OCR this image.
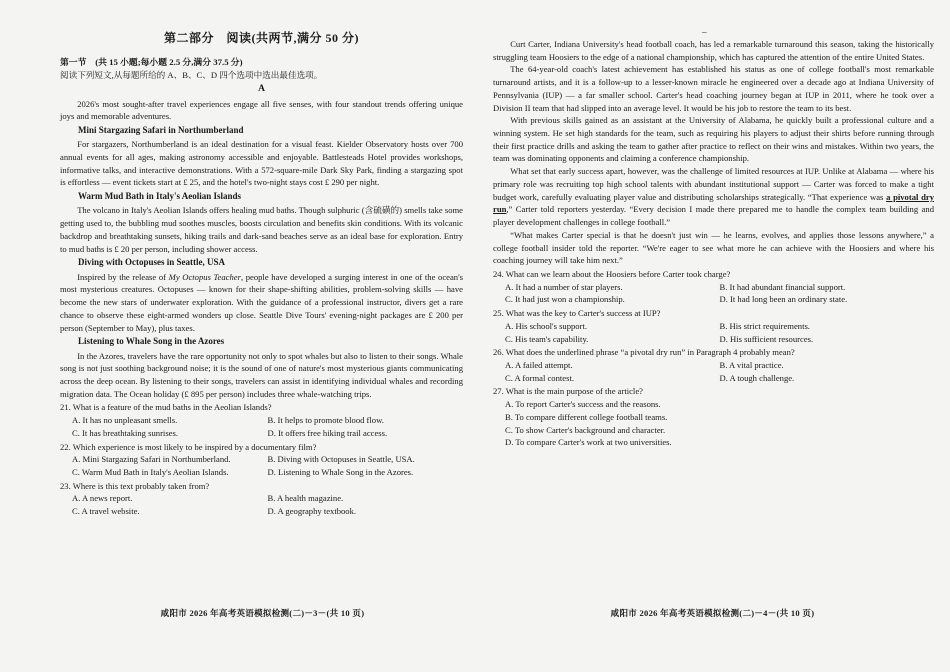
第二部分　阅读(共两节,满分 50 分)

第一节　(共 15 小题;每小题 2.5 分,满分 37.5 分)

阅读下列短文,从每题所给的 A、B、C、D 四个选项中选出最佳选项。

A

2026's most sought-after travel experiences engage all five senses, with four standout trends offering unique joys and memorable adventures.

Mini Stargazing Safari in Northumberland

For stargazers, Northumberland is an ideal destination for a visual feast. Kielder Observatory hosts over 700 annual events for all ages, making astronomy accessible and enjoyable. Battlesteads Hotel provides workshops, informative talks, and interactive demonstrations. With a 572-square-mile Dark Sky Park, finding a stargazing spot is effortless — event tickets start at £ 25, and the hotel's two-night stays cost £ 290 per night.

Warm Mud Bath in Italy's Aeolian Islands

The volcano in Italy's Aeolian Islands offers healing mud baths. Though sulphuric (含硫磺的) smells take some getting used to, the bubbling mud soothes muscles, boosts circulation and benefits skin conditions. With its volcanic backdrop and breathtaking sunsets, hiking trails and dark-sand beaches serve as an ideal base for exploration. Entry to mud baths is £ 20 per person, including shower access.

Diving with Octopuses in Seattle, USA

Inspired by the release of My Octopus Teacher, people have developed a surging interest in one of the ocean's most mysterious creatures. Octopuses — known for their shape-shifting abilities, problem-solving skills — have become the new stars of underwater exploration. With the guidance of a professional instructor, divers get a rare chance to observe these eight-armed wonders up close. Seattle Dive Tours' evening-night packages are £ 200 per person (September to May), plus taxes.

Listening to Whale Song in the Azores

In the Azores, travelers have the rare opportunity not only to spot whales but also to listen to their songs. Whale song is not just soothing background noise; it is the sound of one of nature's most mysterious giants communicating across the deep ocean. By listening to their songs, travelers can assist in identifying individual whales and recording migration data. The Ocean holiday (£ 895 per person) includes three whale-watching trips.

21. What is a feature of the mud baths in the Aeolian Islands?

A. It has no unpleasant smells.	B. It helps to promote blood flow.
C. It has breathtaking sunrises.	D. It offers free hiking trail access.

22. Which experience is most likely to be inspired by a documentary film?

A. Mini Stargazing Safari in Northumberland.	B. Diving with Octopuses in Seattle, USA.
C. Warm Mud Bath in Italy's Aeolian Islands.	D. Listening to Whale Song in the Azores.

23. Where is this text probably taken from?

A. A news report.	B. A health magazine.
C. A travel website.	D. A geography textbook.
咸阳市 2026 年高考英语模拟检测(二)－3－(共 10 页)
–

Curt Carter, Indiana University's head football coach, has led a remarkable turnaround this season, taking the historically struggling team Hoosiers to the edge of a national championship, which has captured the attention of the entire United States.

The 64-year-old coach's latest achievement has established his status as one of college football's most remarkable turnaround artists, and it is a follow-up to a lesser-known miracle he engineered over a decade ago at Indiana University of Pennsylvania (IUP) — a far smaller school. Carter's head coaching journey began at IUP in 2011, where he took over a Division II team that had slipped into an average level. It would be his job to restore the team to its best.

With previous skills gained as an assistant at the University of Alabama, he quickly built a professional culture and a winning system. He set high standards for the team, such as requiring his players to adjust their shirts before running through their first practice drills and asking the team to gather after practice to reflect on their wins and mistakes. Within two years, the team was dominating opponents and claiming a conference championship.

What set that early success apart, however, was the challenge of limited resources at IUP. Unlike at Alabama — where his primary role was recruiting top high school talents with abundant institutional support — Carter was forced to make a tight budget work, carefully evaluating player value and distributing scholarships strategically. “That experience was a pivotal dry run,” Carter told reporters yesterday. “Every decision I made there prepared me to handle the complex team building and player development challenges in college football.”

“What makes Carter special is that he doesn't just win — he learns, evolves, and applies those lessons anywhere,” a college football insider told the reporter. “We're eager to see what more he can achieve with the Hoosiers and where his coaching journey will take him next.”

24. What can we learn about the Hoosiers before Carter took charge?

A. It had a number of star players.	B. It had abundant financial support.
C. It had just won a championship.	D. It had long been an ordinary state.

25. What was the key to Carter's success at IUP?

A. His school's support.	B. His strict requirements.
C. His team's capability.	D. His sufficient resources.

26. What does the underlined phrase “a pivotal dry run” in Paragraph 4 probably mean?

A. A failed attempt.	B. A vital practice.
C. A formal contest.	D. A tough challenge.

27. What is the main purpose of the article?

A. To report Carter's success and the reasons.
B. To compare different college football teams.
C. To show Carter's background and character.
D. To compare Carter's work at two universities.
咸阳市 2026 年高考英语模拟检测(二)－4－(共 10 页)
